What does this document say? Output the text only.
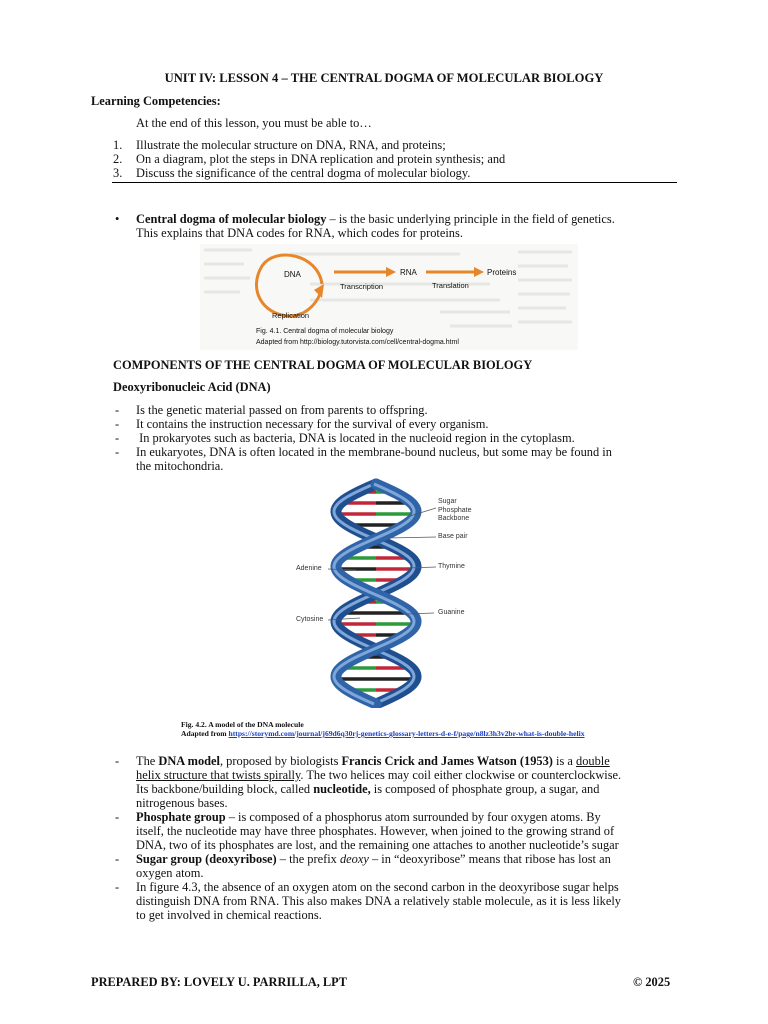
UNIT IV: LESSON 4 – THE CENTRAL DOGMA OF MOLECULAR BIOLOGY
Learning Competencies:
At the end of this lesson, you must be able to…
1.	Illustrate the molecular structure on DNA, RNA, and proteins;
2.	On a diagram, plot the steps in DNA replication and protein synthesis; and
3.	Discuss the significance of the central dogma of molecular biology.
• Central dogma of molecular biology – is the basic underlying principle in the field of genetics.
This explains that DNA codes for RNA, which codes for proteins.
DNA	RNA	Proteins
Transcription	Translation
Replication
Fig. 4.1. Central dogma of molecular biology
Adapted from http://biology.tutorvista.com/cell/central-dogma.html
COMPONENTS OF THE CENTRAL DOGMA OF MOLECULAR BIOLOGY
Deoxyribonucleic Acid (DNA)
- Is the genetic material passed on from parents to offspring.
- It contains the instruction necessary for the survival of every organism.
- In prokaryotes such as bacteria, DNA is located in the nucleoid region in the cytoplasm.
- In eukaryotes, DNA is often located in the membrane-bound nucleus, but some may be found in
the mitochondria.
Sugar
Phosphate
Backbone
Base pair
Adenine	Thymine
Cytosine
Guanine
Fig. 4.2. A model of the DNA molecule
Adapted from https://storymd.com/journal/j69d6q30rj-genetics-glossary-letters-d-e-f/page/n8lz3h3v2br-what-is-double-helix
- The DNA model, proposed by biologists Francis Crick and James Watson (1953) is a double
helix structure that twists spirally. The two helices may coil either clockwise or counterclockwise.
Its backbone/building block, called nucleotide, is composed of phosphate group, a sugar, and
nitrogenous bases.
- Phosphate group – is composed of a phosphorus atom surrounded by four oxygen atoms. By
itself, the nucleotide may have three phosphates. However, when joined to the growing strand of
DNA, two of its phosphates are lost, and the remaining one attaches to another nucleotide’s sugar
- Sugar group (deoxyribose) – the prefix deoxy – in “deoxyribose” means that ribose has lost an
oxygen atom.
- In figure 4.3, the absence of an oxygen atom on the second carbon in the deoxyribose sugar helps
distinguish DNA from RNA. This also makes DNA a relatively stable molecule, as it is less likely
to get involved in chemical reactions.
PREPARED BY: LOVELY U. PARRILLA, LPT	© 2025
